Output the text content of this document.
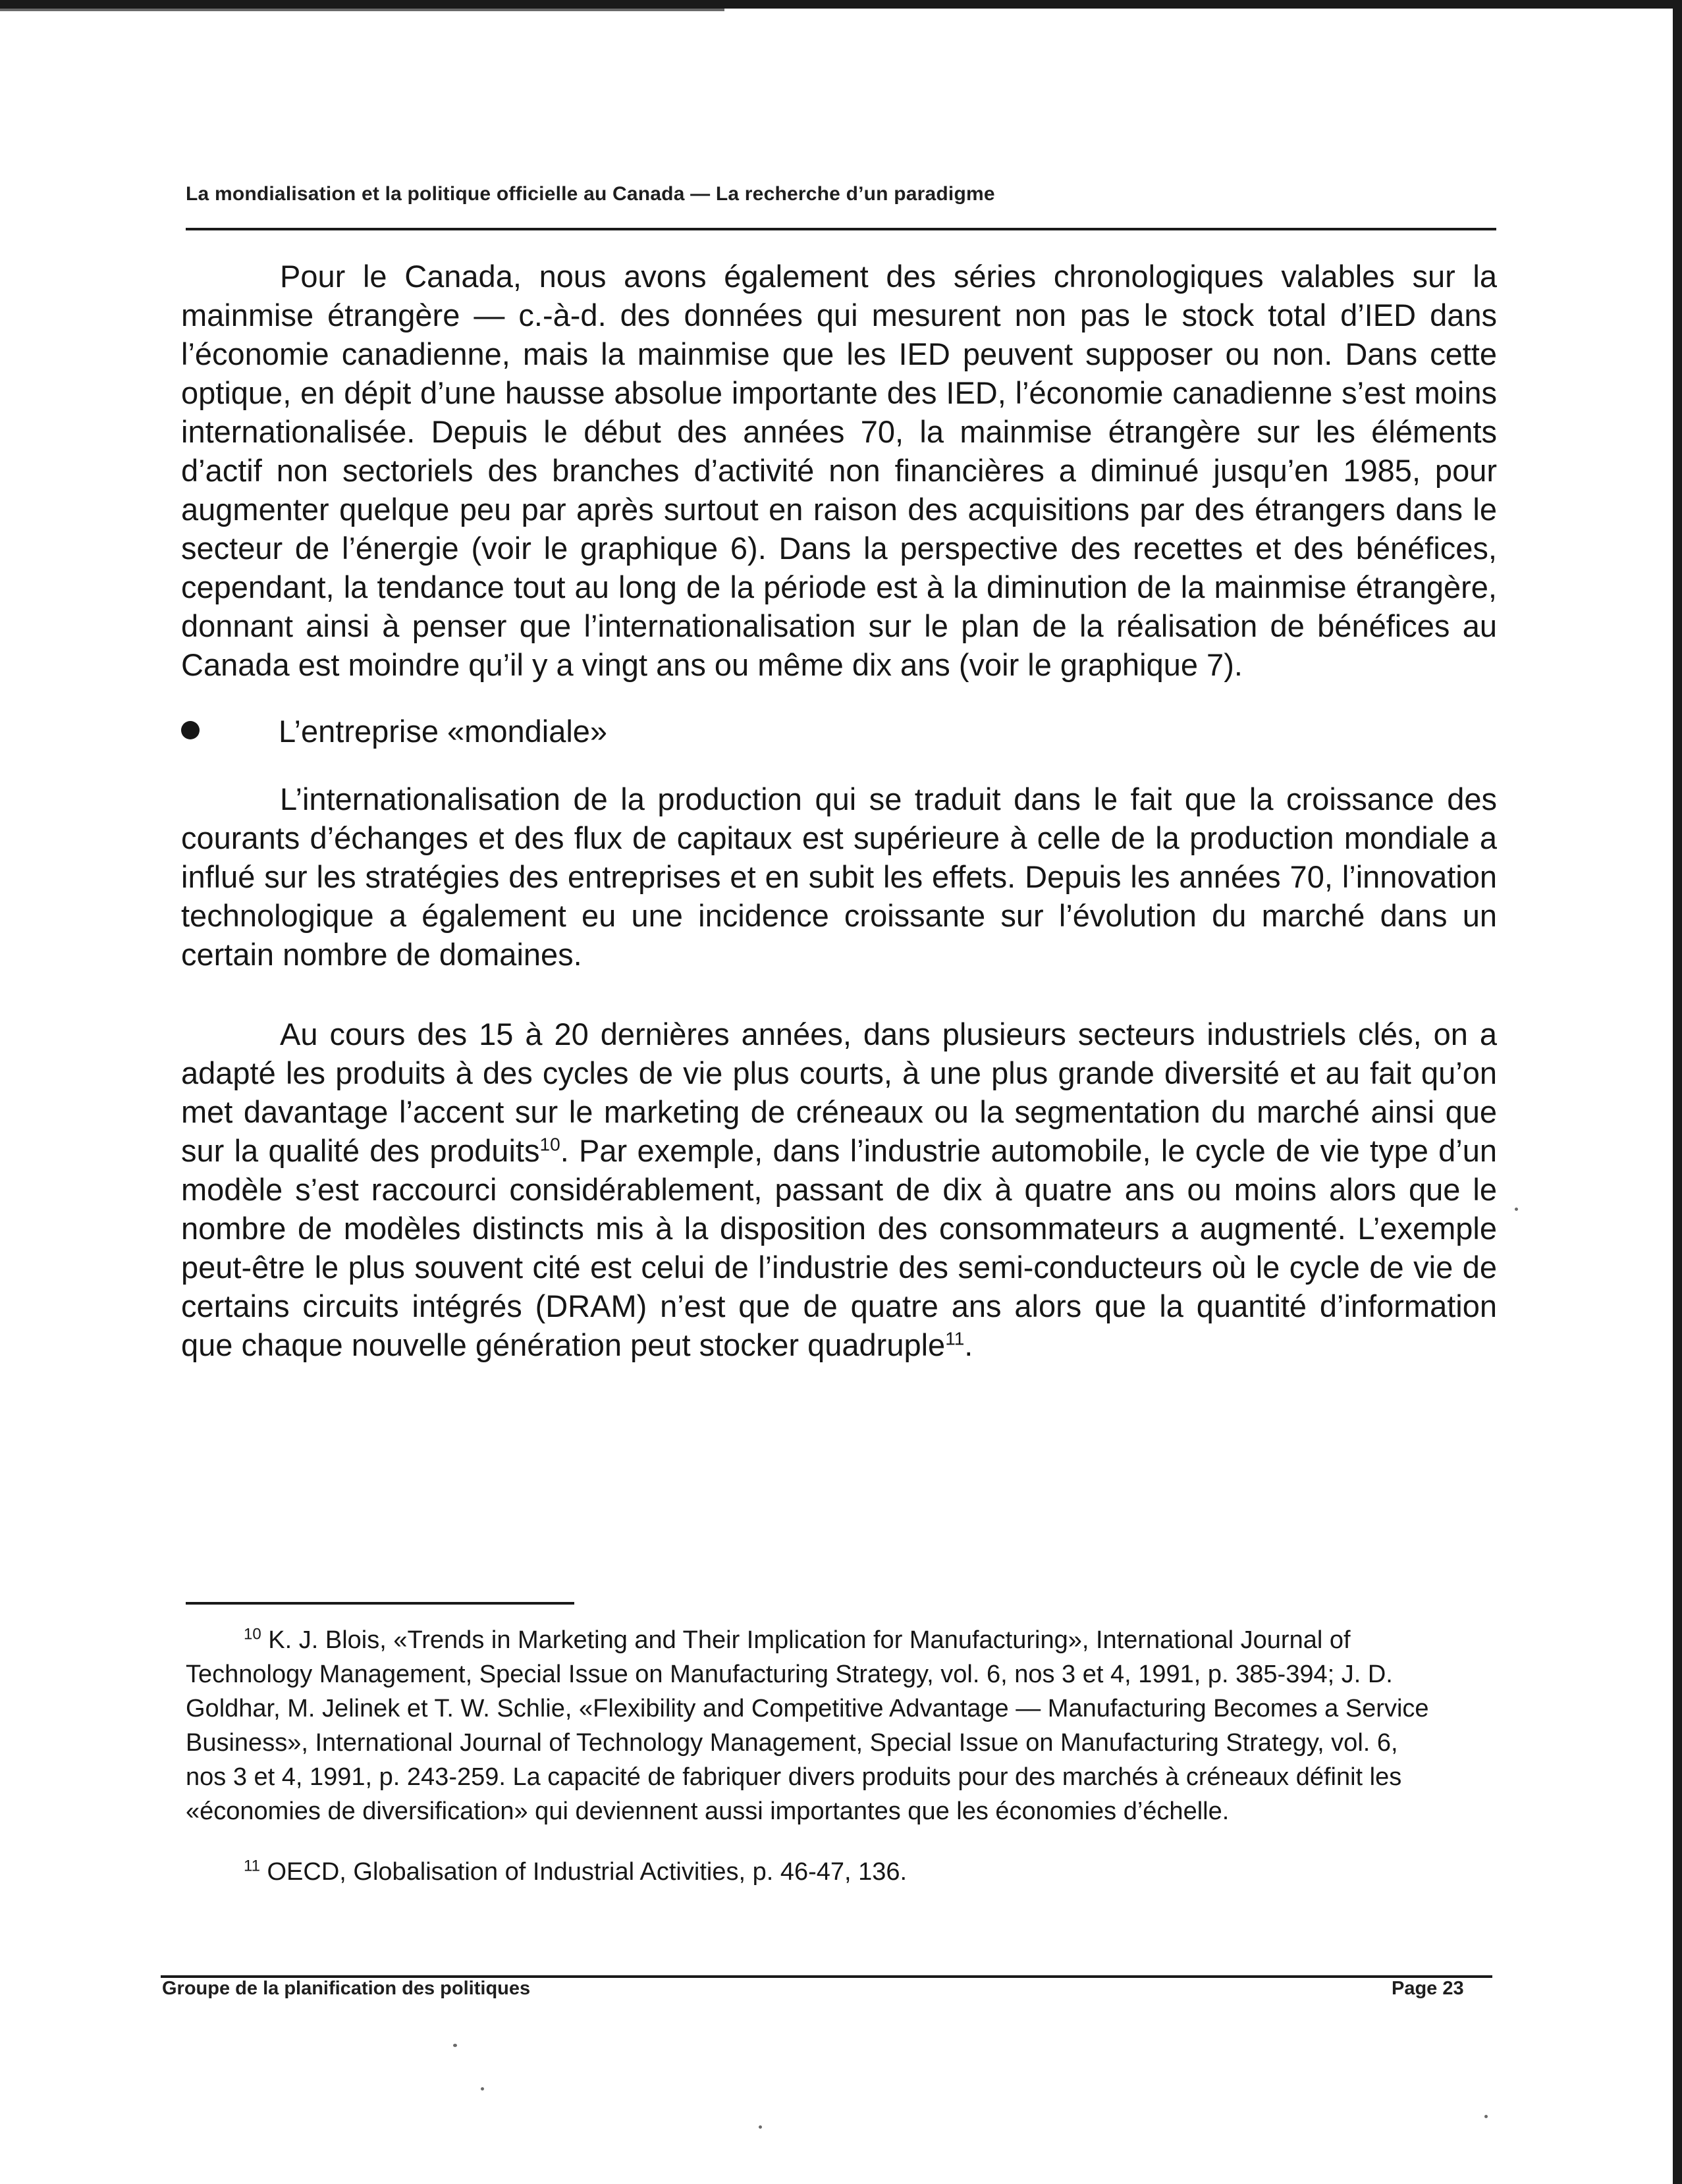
La mondialisation et la politique officielle au Canada — La recherche d’un paradigme

Pour le Canada, nous avons également des séries chronologiques valables sur la mainmise étrangère — c.-à-d. des données qui mesurent non pas le stock total d’IED dans l’économie canadienne, mais la mainmise que les IED peuvent supposer ou non. Dans cette optique, en dépit d’une hausse absolue importante des IED, l’économie canadienne s’est moins internationalisée. Depuis le début des années 70, la mainmise étrangère sur les éléments d’actif non sectoriels des branches d’activité non financières a diminué jusqu’en 1985, pour augmenter quelque peu par après surtout en raison des acquisitions par des étrangers dans le secteur de l’énergie (voir le graphique 6). Dans la perspective des recettes et des bénéfices, cependant, la tendance tout au long de la période est à la diminution de la mainmise étrangère, donnant ainsi à penser que l’internationalisation sur le plan de la réalisation de bénéfices au Canada est moindre qu’il y a vingt ans ou même dix ans (voir le graphique 7).

L’entreprise «mondiale»

L’internationalisation de la production qui se traduit dans le fait que la croissance des courants d’échanges et des flux de capitaux est supérieure à celle de la production mondiale a influé sur les stratégies des entreprises et en subit les effets. Depuis les années 70, l’innovation technologique a également eu une incidence croissante sur l’évolution du marché dans un certain nombre de domaines.

Au cours des 15 à 20 dernières années, dans plusieurs secteurs industriels clés, on a adapté les produits à des cycles de vie plus courts, à une plus grande diversité et au fait qu’on met davantage l’accent sur le marketing de créneaux ou la segmentation du marché ainsi que sur la qualité des produits$^{10}$. Par exemple, dans l’industrie automobile, le cycle de vie type d’un modèle s’est raccourci considérablement, passant de dix à quatre ans ou moins alors que le nombre de modèles distincts mis à la disposition des consommateurs a augmenté. L’exemple peut-être le plus souvent cité est celui de l’industrie des semi-conducteurs où le cycle de vie de certains circuits intégrés (DRAM) n’est que de quatre ans alors que la quantité d’information que chaque nouvelle génération peut stocker quadruple$^{11}$.

$^{10}$ K. J. Blois, «Trends in Marketing and Their Implication for Manufacturing», International Journal of Technology Management, Special Issue on Manufacturing Strategy, vol. 6, nos 3 et 4, 1991, p. 385-394; J. D. Goldhar, M. Jelinek et T. W. Schlie, «Flexibility and Competitive Advantage — Manufacturing Becomes a Service Business», International Journal of Technology Management, Special Issue on Manufacturing Strategy, vol. 6, nos 3 et 4, 1991, p. 243-259. La capacité de fabriquer divers produits pour des marchés à créneaux définit les «économies de diversification» qui deviennent aussi importantes que les économies d’échelle.

$^{11}$ OECD, Globalisation of Industrial Activities, p. 46-47, 136.

Groupe de la planification des politiques	Page 23
